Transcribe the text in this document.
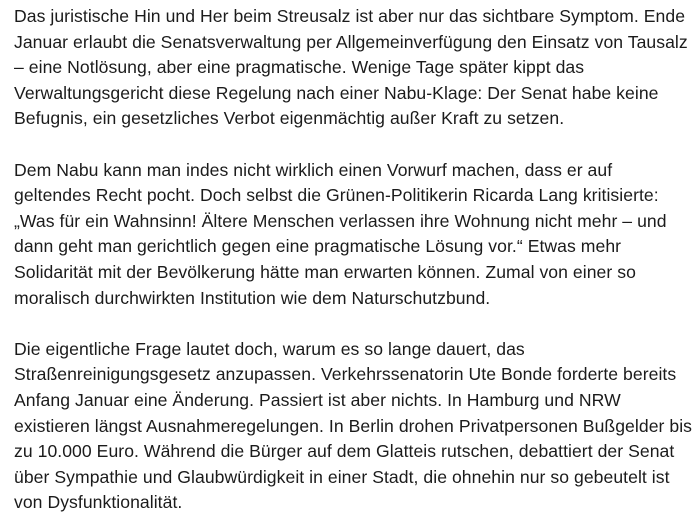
Das juristische Hin und Her beim Streusalz ist aber nur das sichtbare Symptom. Ende
Januar erlaubt die Senatsverwaltung per Allgemeinverfügung den Einsatz von Tausalz
– eine Notlösung, aber eine pragmatische. Wenige Tage später kippt das
Verwaltungsgericht diese Regelung nach einer Nabu-Klage: Der Senat habe keine
Befugnis, ein gesetzliches Verbot eigenmächtig außer Kraft zu setzen.

Dem Nabu kann man indes nicht wirklich einen Vorwurf machen, dass er auf
geltendes Recht pocht. Doch selbst die Grünen-Politikerin Ricarda Lang kritisierte:
„Was für ein Wahnsinn! Ältere Menschen verlassen ihre Wohnung nicht mehr – und
dann geht man gerichtlich gegen eine pragmatische Lösung vor.“ Etwas mehr
Solidarität mit der Bevölkerung hätte man erwarten können. Zumal von einer so
moralisch durchwirkten Institution wie dem Naturschutzbund.

Die eigentliche Frage lautet doch, warum es so lange dauert, das
Straßenreinigungsgesetz anzupassen. Verkehrssenatorin Ute Bonde forderte bereits
Anfang Januar eine Änderung. Passiert ist aber nichts. In Hamburg und NRW
existieren längst Ausnahmeregelungen. In Berlin drohen Privatpersonen Bußgelder bis
zu 10.000 Euro. Während die Bürger auf dem Glatteis rutschen, debattiert der Senat
über Sympathie und Glaubwürdigkeit in einer Stadt, die ohnehin nur so gebeutelt ist
von Dysfunktionalität.
